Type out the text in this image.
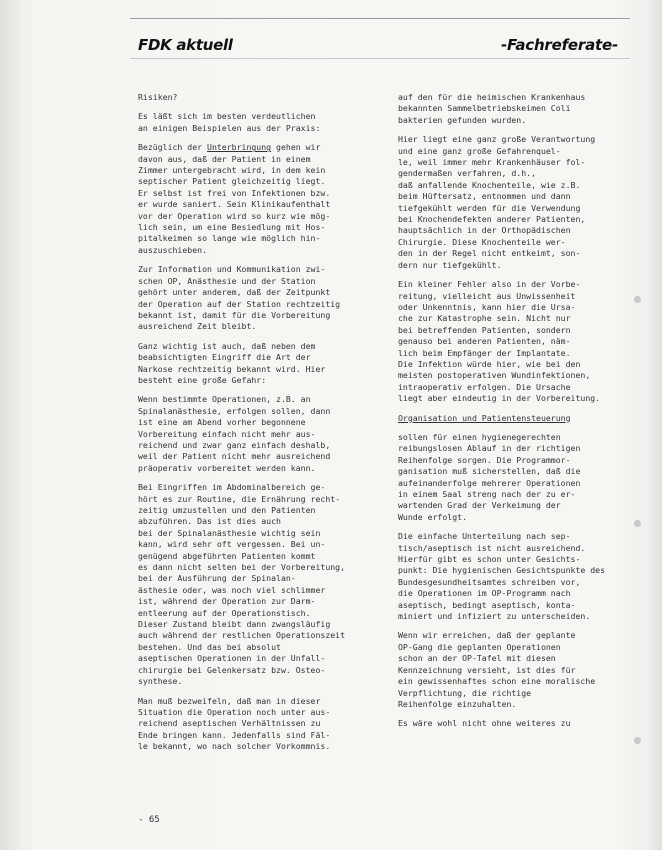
FDK aktuell	-Fachreferate-

Risiken?

Es läßt sich im besten verdeutlichen
an einigen Beispielen aus der Praxis:

Bezüglich der Unterbringung gehen wir
davon aus, daß der Patient in einem
Zimmer untergebracht wird, in dem kein
septischer Patient gleichzeitig liegt.
Er selbst ist frei von Infektionen bzw.
er wurde saniert. Sein Klinikaufenthalt
vor der Operation wird so kurz wie mög-
lich sein, um eine Besiedlung mit Hos-
pitalkeimen so lange wie möglich hin-
auszuschieben.

Zur Information und Kommunikation zwi-
schen OP, Anästhesie und der Station
gehört unter anderem, daß der Zeitpunkt
der Operation auf der Station rechtzeitig
bekannt ist, damit für die Vorbereitung
ausreichend Zeit bleibt.

Ganz wichtig ist auch, daß neben dem
beabsichtigten Eingriff die Art der
Narkose rechtzeitig bekannt wird. Hier
besteht eine große Gefahr:

Wenn bestimmte Operationen, z.B. an
Spinalanästhesie, erfolgen sollen, dann
ist eine am Abend vorher begonnene
Vorbereitung einfach nicht mehr aus-
reichend und zwar ganz einfach deshalb,
weil der Patient nicht mehr ausreichend
präoperativ vorbereitet werden kann.

Bei Eingriffen im Abdominalbereich ge-
hört es zur Routine, die Ernährung recht-
zeitig umzustellen und den Patienten
abzuführen. Das ist dies auch
bei der Spinalanästhesie wichtig sein
kann, wird sehr oft vergessen. Bei un-
genügend abgeführten Patienten kommt
es dann nicht selten bei der Vorbereitung,
bei der Ausführung der Spinalan-
ästhesie oder, was noch viel schlimmer
ist, während der Operation zur Darm-
entleerung auf der Operationstisch.
Dieser Zustand bleibt dann zwangsläufig
auch während der restlichen Operationszeit
bestehen. Und das bei absolut
aseptischen Operationen in der Unfall-
chirurgie bei Gelenkersatz bzw. Osteo-
synthese.

Man muß bezweifeln, daß man in dieser
Situation die Operation noch unter aus-
reichend aseptischen Verhältnissen zu
Ende bringen kann. Jedenfalls sind Fäl-
le bekannt, wo nach solcher Vorkommnis.

auf den für die heimischen Krankenhaus
bekannten Sammelbetriebskeimen Coli
bakterien gefunden wurden.

Hier liegt eine ganz große Verantwortung
und eine ganz große Gefahrenquel-
le, weil immer mehr Krankenhäuser fol-
gendermaßen verfahren, d.h.,
daß anfallende Knochenteile, wie z.B.
beim Hüftersatz, entnommen und dann
tiefgekühlt werden für die Verwendung
bei Knochendefekten anderer Patienten,
hauptsächlich in der Orthopädischen
Chirurgie. Diese Knochenteile wer-
den in der Regel nicht entkeimt, son-
dern nur tiefgekühlt.

Ein kleiner Fehler also in der Vorbe-
reitung, vielleicht aus Unwissenheit
oder Unkenntnis, kann hier die Ursa-
che zur Katastrophe sein. Nicht nur
bei betreffenden Patienten, sondern
genauso bei anderen Patienten, näm-
lich beim Empfänger der Implantate.
Die Infektion würde hier, wie bei den
meisten postoperativen Wundinfektionen,
intraoperativ erfolgen. Die Ursache
liegt aber eindeutig in der Vorbereitung.

Organisation und Patientensteuerung

sollen für einen hygienegerechten
reibungslosen Ablauf in der richtigen
Reihenfolge sorgen. Die Programmor-
ganisation muß sicherstellen, daß die
aufeinanderfolge mehrerer Operationen
in einem Saal streng nach der zu er-
wartenden Grad der Verkeimung der
Wunde erfolgt.

Die einfache Unterteilung nach sep-
tisch/aseptisch ist nicht ausreichend.
Hierfür gibt es schon unter Gesichts-
punkt: Die hygienischen Gesichtspunkte des
Bundesgesundheitsamtes schreiben vor,
die Operationen im OP-Programm nach
aseptisch, bedingt aseptisch, konta-
miniert und infiziert zu unterscheiden.

Wenn wir erreichen, daß der geplante
OP-Gang die geplanten Operationen
schon an der OP-Tafel mit diesen
Kennzeichnung versieht, ist dies für
ein gewissenhaftes schon eine moralische
Verpflichtung, die richtige
Reihenfolge einzuhalten.

Es wäre wohl nicht ohne weiteres zu

- 65
